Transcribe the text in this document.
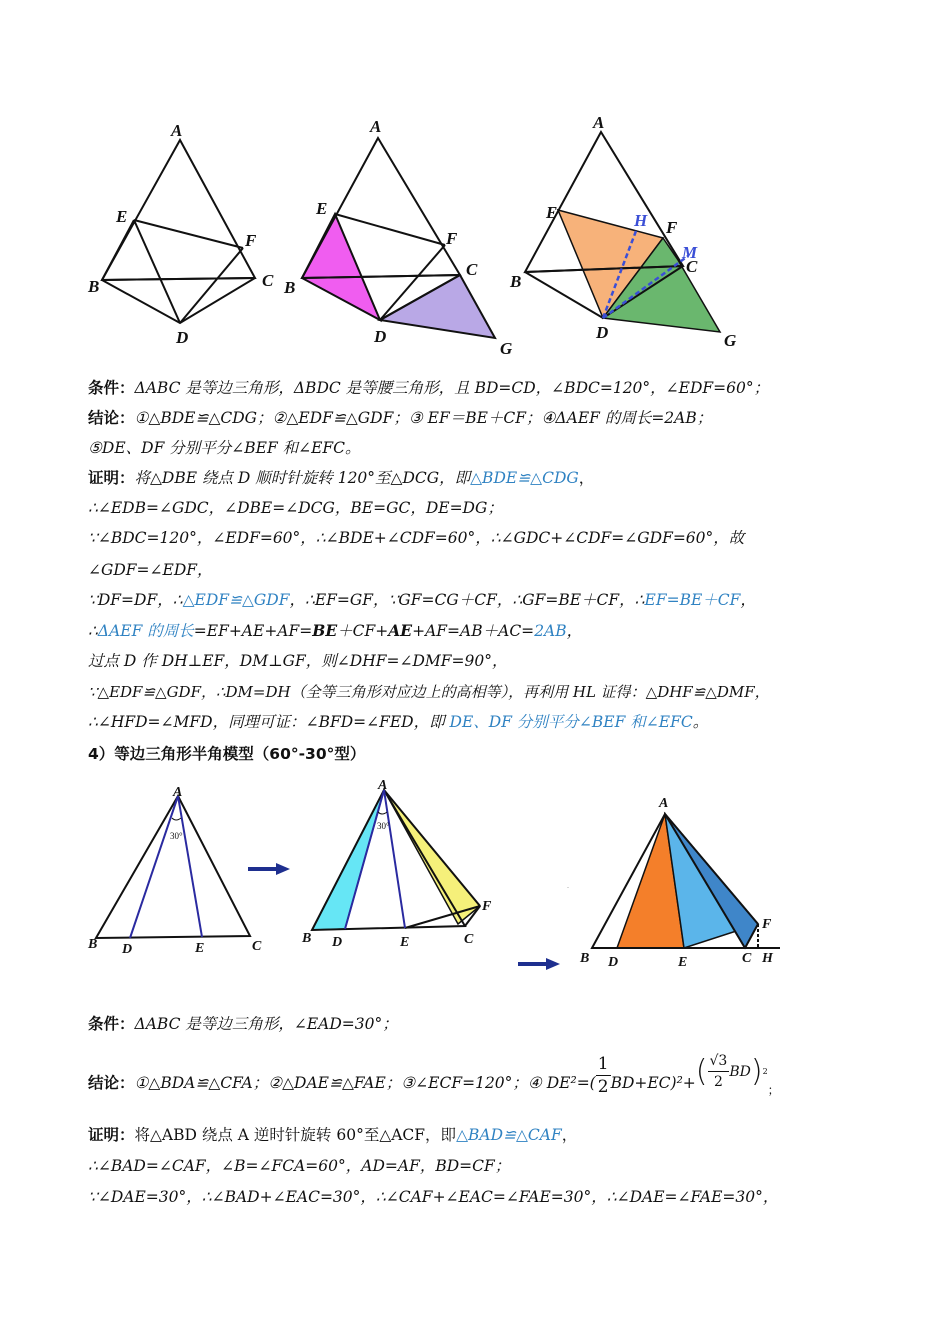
A
E
F
B	C
D
A
E
F
B
C
D
G
A
E
F
B
C
D	G
H
M
条件：ΔABC 是等边三角形，ΔBDC 是等腰三角形，且 BD=CD，∠BDC=120°，∠EDF=60°；
结论：①△BDE≌△CDG；②△EDF≌△GDF；③ EF＝BE＋CF；④ΔAEF 的周长=2AB；
⑤DE、DF 分别平分∠BEF 和∠EFC。
证明：将△DBE 绕点 D 顺时针旋转 120°至△DCG，即△BDE≌△CDG，
∴∠EDB=∠GDC，∠DBE=∠DCG，BE=GC，DE=DG；
∵∠BDC=120°，∠EDF=60°，∴∠BDE+∠CDF=60°，∴∠GDC+∠CDF=∠GDF=60°，故
∠GDF=∠EDF，
∵DF=DF，∴△EDF≌△GDF，∴EF=GF，∵GF=CG＋CF，∴GF=BE＋CF，∴EF=BE＋CF，
∴ΔAEF 的周长=EF+AE+AF=BE＋CF+AE+AF=AB＋AC=2AB，
过点 D 作 DH⊥EF，DM⊥GF，则∠DHF=∠DMF=90°，
∵△EDF≌△GDF，∴DM=DH（全等三角形对应边上的高相等），再利用 HL 证得：△DHF≌△DMF，
∴∠HFD=∠MFD，同理可证：∠BFD=∠FED，即 DE、DF 分别平分∠BEF 和∠EFC。
4）等边三角形半角模型（60°-30°型）
A
B D	E	C
30°
A
B D	E	C
F
30°
.
A
B D	E	C
F
H
条件：ΔABC 是等边三角形，∠EAD=30°；
结论：①△BDA≌△CFA；②△DAE≌△FAE；③∠ECF=120°；④ $DE^2=( \frac{1}{2} BD+EC)^2+( \frac{√3}{2} BD)2$；
证明：将△ABD 绕点 A 逆时针旋转 60°至△ACF，即△BAD≌△CAF，
∴∠BAD=∠CAF，∠B=∠FCA=60°，AD=AF，BD=CF；
∵∠DAE=30°，∴∠BAD+∠EAC=30°，∴∠CAF+∠EAC=∠FAE=30°，∴∠DAE=∠FAE=30°，
